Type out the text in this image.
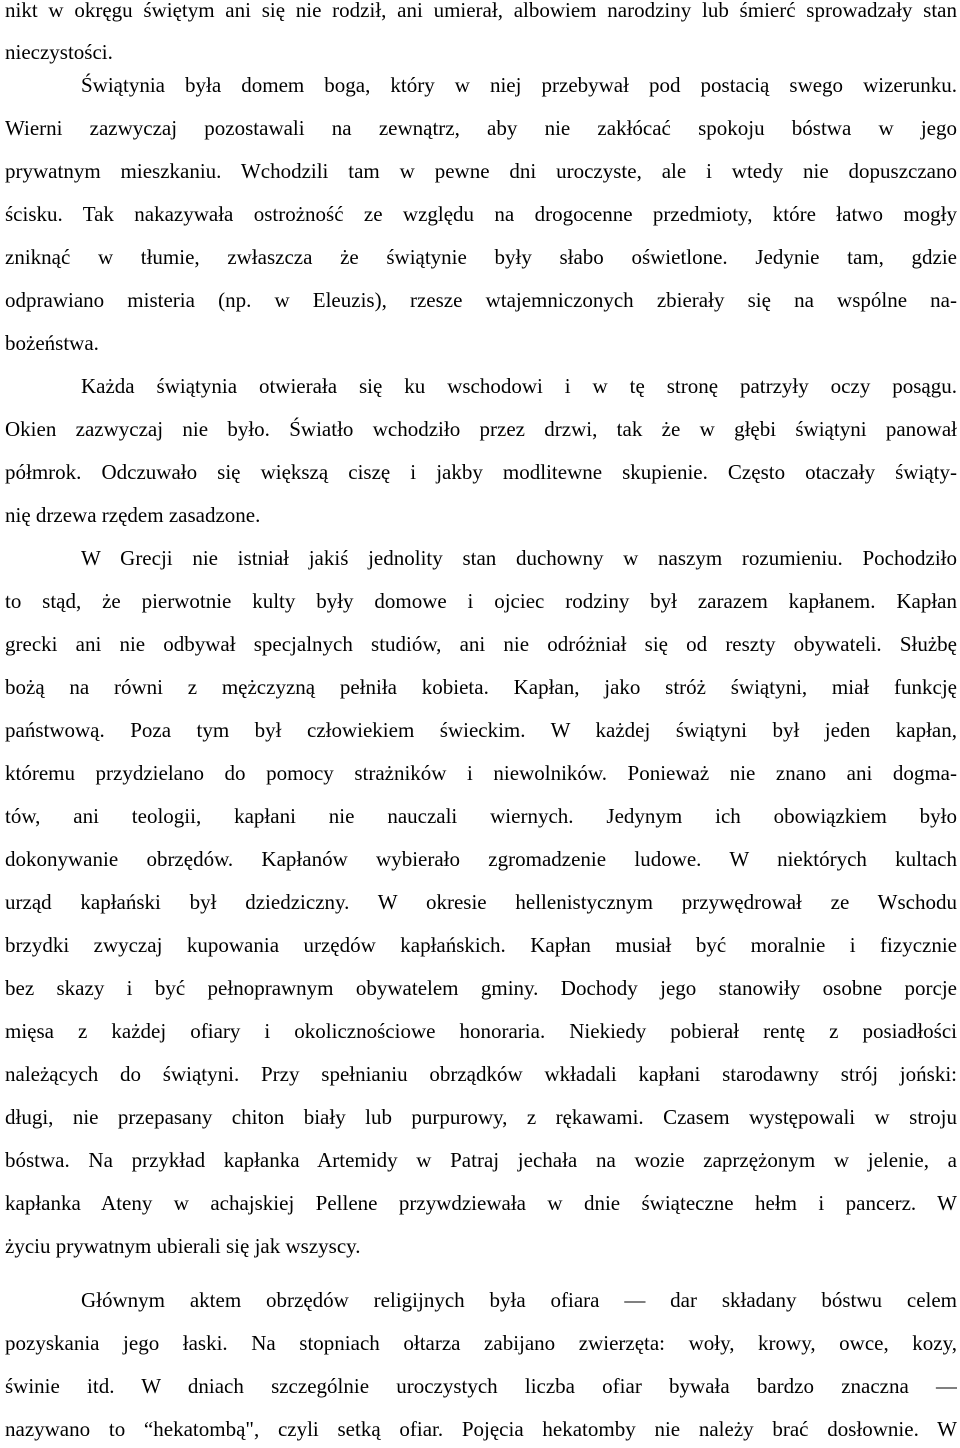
nikt w okręgu świętym ani się nie rodził, ani umierał, albowiem narodziny lub śmierć sprowadzały stan
nieczystości.
Świątynia była domem boga, który w niej przebywał pod postacią swego wizerunku.
Wierni zazwyczaj pozostawali na zewnątrz, aby nie zakłócać spokoju bóstwa w jego
prywatnym mieszkaniu. Wchodzili tam w pewne dni uroczyste, ale i wtedy nie dopuszczano
ścisku. Tak nakazywała ostrożność ze względu na drogocenne przedmioty, które łatwo mogły
zniknąć w tłumie, zwłaszcza że świątynie były słabo oświetlone. Jedynie tam, gdzie
odprawiano misteria (np. w Eleuzis), rzesze wtajemniczonych zbierały się na wspólne na-
bożeństwa.
Każda świątynia otwierała się ku wschodowi i w tę stronę patrzyły oczy posągu.
Okien zazwyczaj nie było. Światło wchodziło przez drzwi, tak że w głębi świątyni panował
półmrok. Odczuwało się większą ciszę i jakby modlitewne skupienie. Często otaczały świąty-
nię drzewa rzędem zasadzone.
W Grecji nie istniał jakiś jednolity stan duchowny w naszym rozumieniu. Pochodziło
to stąd, że pierwotnie kulty były domowe i ojciec rodziny był zarazem kapłanem. Kapłan
grecki ani nie odbywał specjalnych studiów, ani nie odróżniał się od reszty obywateli. Służbę
bożą na równi z mężczyzną pełniła kobieta. Kapłan, jako stróż świątyni, miał funkcję
państwową. Poza tym był człowiekiem świeckim. W każdej świątyni był jeden kapłan,
któremu przydzielano do pomocy strażników i niewolników. Ponieważ nie znano ani dogma-
tów, ani teologii, kapłani nie nauczali wiernych. Jedynym ich obowiązkiem było
dokonywanie obrzędów. Kapłanów wybierało zgromadzenie ludowe. W niektórych kultach
urząd kapłański był dziedziczny. W okresie hellenistycznym przywędrował ze Wschodu
brzydki zwyczaj kupowania urzędów kapłańskich. Kapłan musiał być moralnie i fizycznie
bez skazy i być pełnoprawnym obywatelem gminy. Dochody jego stanowiły osobne porcje
mięsa z każdej ofiary i okolicznościowe honoraria. Niekiedy pobierał rentę z posiadłości
należących do świątyni. Przy spełnianiu obrządków wkładali kapłani starodawny strój joński:
długi, nie przepasany chiton biały lub purpurowy, z rękawami. Czasem występowali w stroju
bóstwa. Na przykład kapłanka Artemidy w Patraj jechała na wozie zaprzężonym w jelenie, a
kapłanka Ateny w achajskiej Pellene przywdziewała w dnie świąteczne hełm i pancerz. W
życiu prywatnym ubierali się jak wszyscy.
Głównym aktem obrzędów religijnych była ofiara — dar składany bóstwu celem
pozyskania jego łaski. Na stopniach ołtarza zabijano zwierzęta: woły, krowy, owce, kozy,
świnie itd. W dniach szczególnie uroczystych liczba ofiar bywała bardzo znaczna —
nazywano to “hekatombą", czyli setką ofiar. Pojęcia hekatomby nie należy brać dosłownie. W
